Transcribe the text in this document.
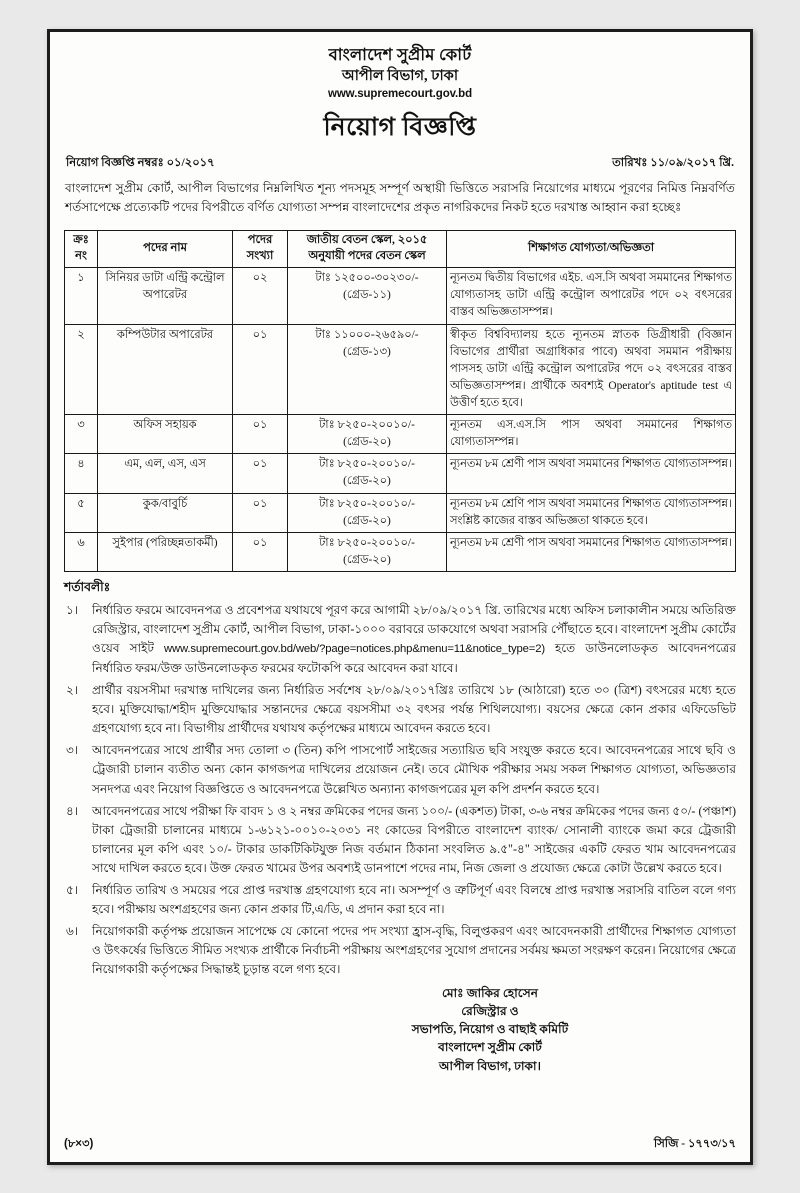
বাংলাদেশ সুপ্রীম কোর্ট
আপীল বিভাগ, ঢাকা
www.supremecourt.gov.bd
নিয়োগ বিজ্ঞপ্তি
নিয়োগ বিজ্ঞপ্তি নম্বরঃ ০১/২০১৭	তারিখঃ ১১/০৯/২০১৭ খ্রি.

বাংলাদেশ সুপ্রীম কোর্ট, আপীল বিভাগের নিম্নলিখিত শূন্য পদসমূহ সম্পূর্ণ অস্থায়ী ভিত্তিতে সরাসরি নিয়োগের মাধ্যমে পূরণের নিমিত্ত নিম্নবর্ণিত শর্তসাপেক্ষে প্রত্যেকটি পদের বিপরীতে বর্ণিত যোগ্যতা সম্পন্ন বাংলাদেশের প্রকৃত নাগরিকদের নিকট হতে দরখাস্ত আহ্বান করা হচ্ছেঃ

ক্রঃ নং	পদের নাম	পদের সংখ্যা	জাতীয় বেতন স্কেল, ২০১৫ অনুযায়ী পদের বেতন স্কেল	শিক্ষাগত যোগ্যতা/অভিজ্ঞতা
১	সিনিয়র ডাটা এন্ট্রি কন্ট্রোল অপারেটর	০২	টাঃ ১২৫০০-৩০২৩০/-
(গ্রেড-১১)	ন্যূনতম দ্বিতীয় বিভাগের এইচ. এস.সি অথবা সমমানের শিক্ষাগত যোগ্যতাসহ ডাটা এন্ট্রি কন্ট্রোল অপারেটর পদে ০২ বৎসরের বাস্তব অভিজ্ঞতাসম্পন্ন।
২	কম্পিউটার অপারেটর	০১	টাঃ ১১০০০-২৬৫৯০/-
(গ্রেড-১৩)	স্বীকৃত বিশ্ববিদ্যালয় হতে ন্যূনতম স্নাতক ডিগ্রীধারী (বিজ্ঞান বিভাগের প্রার্থীরা অগ্রাধিকার পাবে) অথবা সমমান পরীক্ষায় পাসসহ ডাটা এন্ট্রি কন্ট্রোল অপারেটর পদে ০২ বৎসরের বাস্তব অভিজ্ঞতাসম্পন্ন। প্রার্থীকে অবশ্যই Operator's aptitude test এ উত্তীর্ণ হতে হবে।
৩	অফিস সহায়ক	০১	টাঃ ৮২৫০-২০০১০/-
(গ্রেড-২০)	ন্যূনতম এস.এস.সি পাস অথবা সমমানের শিক্ষাগত যোগ্যতাসম্পন্ন।
৪	এম, এল, এস, এস	০১	টাঃ ৮২৫০-২০০১০/-
(গ্রেড-২০)	ন্যূনতম ৮ম শ্রেণী পাস অথবা সমমানের শিক্ষাগত যোগ্যতাসম্পন্ন।
৫	কুক/বাবুর্চি	০১	টাঃ ৮২৫০-২০০১০/-
(গ্রেড-২০)	ন্যূনতম ৮ম শ্রেণি পাস অথবা সমমানের শিক্ষাগত যোগ্যতাসম্পন্ন। সংশ্লিষ্ট কাজের বাস্তব অভিজ্ঞতা থাকতে হবে।
৬	সুইপার (পরিচ্ছন্নতাকর্মী)	০১	টাঃ ৮২৫০-২০০১০/-
(গ্রেড-২০)	ন্যূনতম ৮ম শ্রেণী পাস অথবা সমমানের শিক্ষাগত যোগ্যতাসম্পন্ন।
শর্তাবলীঃ
১।	নির্ধারিত ফরমে আবেদনপত্র ও প্রবেশপত্র যথাযথে পূরণ করে আগামী ২৮/০৯/২০১৭ খ্রি. তারিখের মধ্যে অফিস চলাকালীন সময়ে অতিরিক্ত রেজিস্ট্রার, বাংলাদেশ সুপ্রীম কোর্ট, আপীল বিভাগ, ঢাকা-১০০০ বরাবরে ডাকযোগে অথবা সরাসরি পৌঁছাতে হবে। বাংলাদেশ সুপ্রীম কোর্টের ওয়েব সাইট www.supremecourt.gov.bd/web/?page=notices.php&menu=11&notice_type=2) হতে ডাউনলোডকৃত আবেদনপত্রের নির্ধারিত ফরম/উক্ত ডাউনলোডকৃত ফরমের ফটোকপি করে আবেদন করা যাবে।
২।	প্রার্থীর বয়সসীমা দরখাস্ত দাখিলের জন্য নির্ধারিত সর্বশেষ ২৮/০৯/২০১৭খ্রিঃ তারিখে ১৮ (আঠারো) হতে ৩০ (ত্রিশ) বৎসরের মধ্যে হতে হবে। মুক্তিযোদ্ধা/শহীদ মুক্তিযোদ্ধার সন্তানদের ক্ষেত্রে বয়সসীমা ৩২ বৎসর পর্যন্ত শিথিলযোগ্য। বয়সের ক্ষেত্রে কোন প্রকার এফিডেভিট গ্রহণযোগ্য হবে না। বিভাগীয় প্রার্থীদের যথাযথ কর্তৃপক্ষের মাধ্যমে আবেদন করতে হবে।
৩।	আবেদনপত্রের সাথে প্রার্থীর সদ্য তোলা ৩ (তিন) কপি পাসপোর্ট সাইজের সত্যায়িত ছবি সংযুক্ত করতে হবে। আবেদনপত্রের সাথে ছবি ও ট্রেজারী চালান ব্যতীত অন্য কোন কাগজপত্র দাখিলের প্রয়োজন নেই। তবে মৌখিক পরীক্ষার সময় সকল শিক্ষাগত যোগ্যতা, অভিজ্ঞতার সনদপত্র এবং নিয়োগ বিজ্ঞপ্তিতে ও আবেদনপত্রে উল্লেখিত অন্যান্য কাগজপত্রের মূল কপি প্রদর্শন করতে হবে।
৪।	আবেদনপত্রের সাথে পরীক্ষা ফি বাবদ ১ ও ২ নম্বর ক্রমিকের পদের জন্য ১০০/- (একশত) টাকা, ৩-৬ নম্বর ক্রমিকের পদের জন্য ৫০/- (পঞ্চাশ) টাকা ট্রেজারী চালানের মাধ্যমে ১-৬১২১-০০১০-২০৩১ নং কোডের বিপরীতে বাংলাদেশ ব্যাংক/ সোনালী ব্যাংকে জমা করে ট্রেজারী চালানের মূল কপি এবং ১০/- টাকার ডাকটিকিটযুক্ত নিজ বর্তমান ঠিকানা সংবলিত ৯.৫"-৪" সাইজের একটি ফেরত খাম আবেদনপত্রের সাথে দাখিল করতে হবে। উক্ত ফেরত খামের উপর অবশ্যই ডানপাশে পদের নাম, নিজ জেলা ও প্রযোজ্য ক্ষেত্রে কোটা উল্লেখ করতে হবে।
৫।	নির্ধারিত তারিখ ও সময়ের পরে প্রাপ্ত দরখাস্ত গ্রহণযোগ্য হবে না। অসম্পূর্ণ ও ত্রুটিপূর্ণ এবং বিলম্বে প্রাপ্ত দরখাস্ত সরাসরি বাতিল বলে গণ্য হবে। পরীক্ষায় অংশগ্রহণের জন্য কোন প্রকার টি,এ/ডি, এ প্রদান করা হবে না।
৬।	নিয়োগকারী কর্তৃপক্ষ প্রয়োজন সাপেক্ষে যে কোনো পদের পদ সংখ্যা হ্রাস-বৃদ্ধি, বিলুপ্তকরণ এবং আবেদনকারী প্রার্থীদের শিক্ষাগত যোগ্যতা ও উৎকর্ষের ভিত্তিতে সীমিত সংখ্যক প্রার্থীকে নির্বাচনী পরীক্ষায় অংশগ্রহণের সুযোগ প্রদানের সর্বময় ক্ষমতা সংরক্ষণ করেন। নিয়োগের ক্ষেত্রে নিয়োগকারী কর্তৃপক্ষের সিদ্ধান্তই চূড়ান্ত বলে গণ্য হবে।
মোঃ জাকির হোসেন
রেজিস্ট্রার ও
সভাপতি, নিয়োগ ও বাছাই কমিটি
বাংলাদেশ সুপ্রীম কোর্ট
আপীল বিভাগ, ঢাকা।
(৮×৩)	সিজি - ১৭৭৩/১৭
